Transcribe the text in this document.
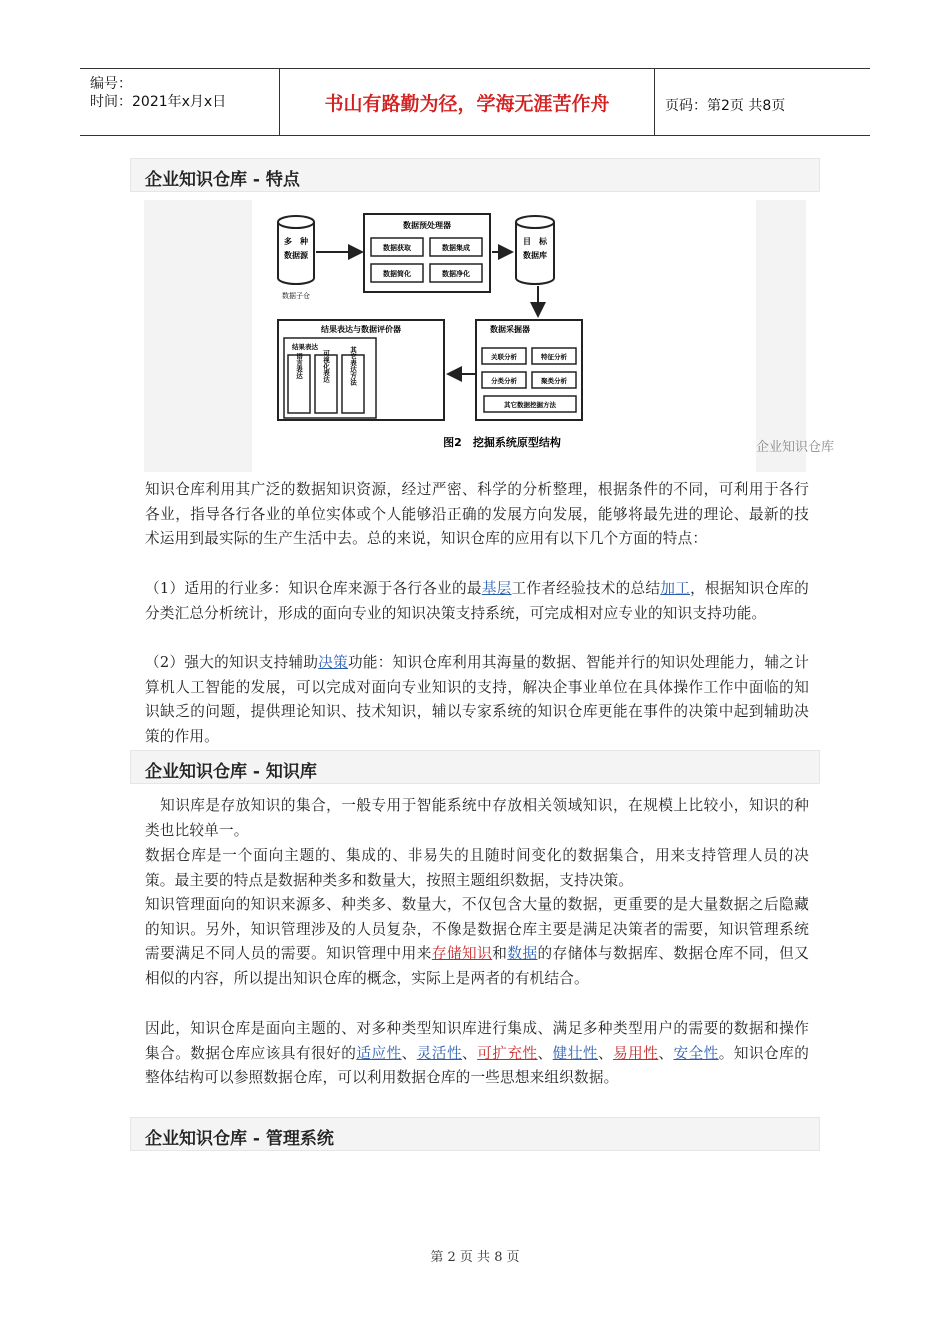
编号：
时间：2021年x月x日	书山有路勤为径，学海无涯苦作舟	页码：第2页 共8页
企业知识仓库 - 特点
多　种
数据源
数据子仓
数据预处理器
数据获取	数据集成
数据简化	数据净化
目　标
数据库
数据采掘器
关联分析	特征分析
分类分析	聚类分析
其它数据挖掘方法
结果表达与数据评价器
结果表达
语言表达	可视化表达	其它表达方法
图2　挖掘系统原型结构	企业知识仓库
知识仓库利用其广泛的数据知识资源，经过严密、科学的分析整理，根据条件的不同，可利用于各行各业，指导各行各业的单位实体或个人能够沿正确的发展方向发展，能够将最先进的理论、最新的技术运用到最实际的生产生活中去。总的来说，知识仓库的应用有以下几个方面的特点：
（1）适用的行业多：知识仓库来源于各行各业的最基层工作者经验技术的总结加工，根据知识仓库的分类汇总分析统计，形成的面向专业的知识决策支持系统，可完成相对应专业的知识支持功能。
（2）强大的知识支持辅助决策功能：知识仓库利用其海量的数据、智能并行的知识处理能力，辅之计算机人工智能的发展，可以完成对面向专业知识的支持，解决企事业单位在具体操作工作中面临的知识缺乏的问题，提供理论知识、技术知识，辅以专家系统的知识仓库更能在事件的决策中起到辅助决策的作用。
企业知识仓库 - 知识库
　知识库是存放知识的集合，一般专用于智能系统中存放相关领域知识，在规模上比较小，知识的种类也比较单一。
数据仓库是一个面向主题的、集成的、非易失的且随时间变化的数据集合，用来支持管理人员的决策。最主要的特点是数据种类多和数量大，按照主题组织数据，支持决策。
知识管理面向的知识来源多、种类多、数量大，不仅包含大量的数据，更重要的是大量数据之后隐藏的知识。另外，知识管理涉及的人员复杂，不像是数据仓库主要是满足决策者的需要，知识管理系统需要满足不同人员的需要。知识管理中用来存储知识和数据的存储体与数据库、数据仓库不同，但又相似的内容，所以提出知识仓库的概念，实际上是两者的有机结合。
因此，知识仓库是面向主题的、对多种类型知识库进行集成、满足多种类型用户的需要的数据和操作集合。数据仓库应该具有很好的适应性、灵活性、可扩充性、健壮性、易用性、安全性。知识仓库的整体结构可以参照数据仓库，可以利用数据仓库的一些思想来组织数据。
企业知识仓库 - 管理系统
第 2 页 共 8 页
